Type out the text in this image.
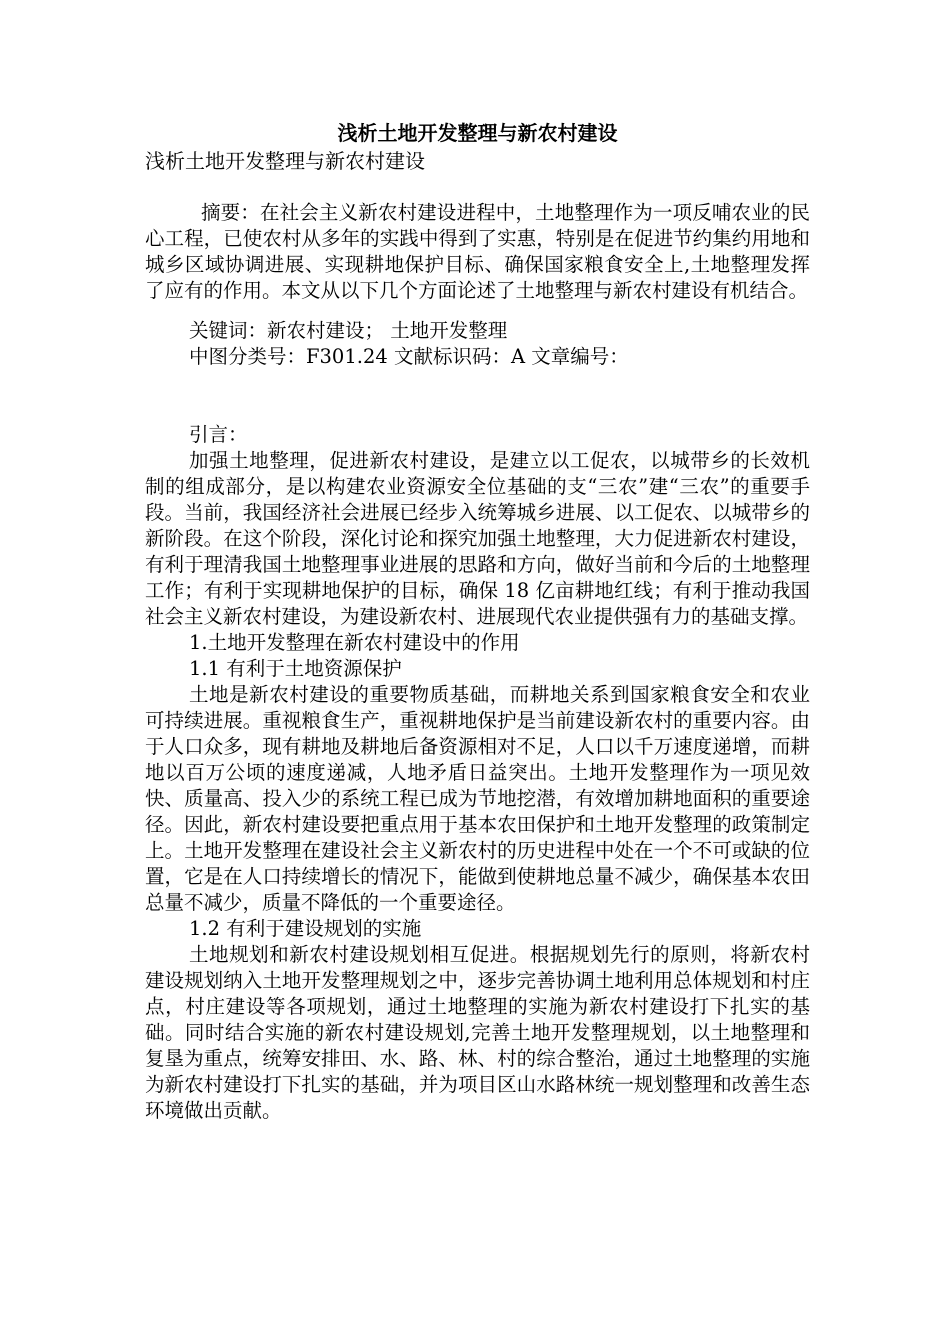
浅析土地开发整理与新农村建设

浅析土地开发整理与新农村建设

摘要：在社会主义新农村建设进程中，土地整理作为一项反哺农业的民心工程，已使农村从多年的实践中得到了实惠，特别是在促进节约集约用地和城乡区域协调进展、实现耕地保护目标、确保国家粮食安全上,土地整理发挥了应有的作用。本文从以下几个方面论述了土地整理与新农村建设有机结合。

关键词：新农村建设； 土地开发整理

中图分类号：F301.24 文献标识码：A 文章编号：

引言：

加强土地整理，促进新农村建设，是建立以工促农，以城带乡的长效机制的组成部分，是以构建农业资源安全位基础的支“三农”建“三农”的重要手段。当前，我国经济社会进展已经步入统筹城乡进展、以工促农、以城带乡的新阶段。在这个阶段，深化讨论和探究加强土地整理，大力促进新农村建设，有利于理清我国土地整理事业进展的思路和方向，做好当前和今后的土地整理工作；有利于实现耕地保护的目标，确保 18 亿亩耕地红线；有利于推动我国社会主义新农村建设，为建设新农村、进展现代农业提供强有力的基础支撑。

1.土地开发整理在新农村建设中的作用

1.1 有利于土地资源保护

土地是新农村建设的重要物质基础，而耕地关系到国家粮食安全和农业可持续进展。重视粮食生产，重视耕地保护是当前建设新农村的重要内容。由于人口众多，现有耕地及耕地后备资源相对不足，人口以千万速度递增，而耕地以百万公顷的速度递减，人地矛盾日益突出。土地开发整理作为一项见效快、质量高、投入少的系统工程已成为节地挖潜，有效增加耕地面积的重要途径。因此，新农村建设要把重点用于基本农田保护和土地开发整理的政策制定上。土地开发整理在建设社会主义新农村的历史进程中处在一个不可或缺的位置，它是在人口持续增长的情况下，能做到使耕地总量不减少，确保基本农田总量不减少，质量不降低的一个重要途径。

1.2 有利于建设规划的实施

土地规划和新农村建设规划相互促进。根据规划先行的原则，将新农村建设规划纳入土地开发整理规划之中，逐步完善协调土地利用总体规划和村庄点，村庄建设等各项规划，通过土地整理的实施为新农村建设打下扎实的基础。同时结合实施的新农村建设规划,完善土地开发整理规划，以土地整理和复垦为重点，统筹安排田、水、路、林、村的综合整治，通过土地整理的实施为新农村建设打下扎实的基础，并为项目区山水路林统一规划整理和改善生态环境做出贡献。
